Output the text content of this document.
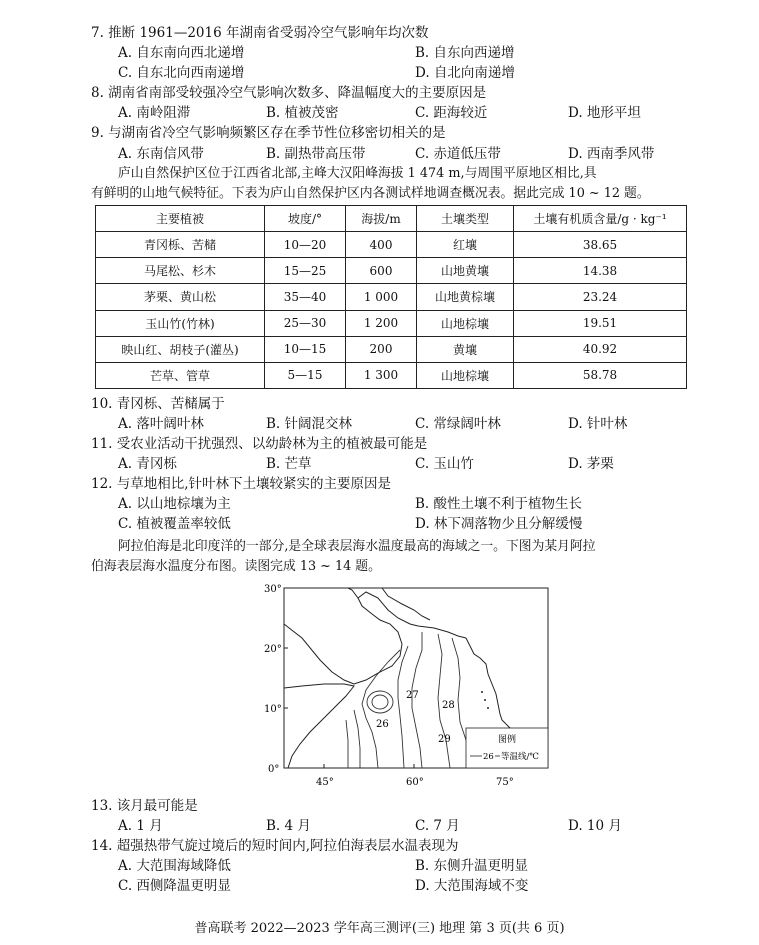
7. 推断 1961—2016 年湖南省受弱冷空气影响年均次数
A. 自东南向西北递增	B. 自东向西递增
C. 自东北向西南递增	D. 自北向南递增
8. 湖南省南部受较强冷空气影响次数多、降温幅度大的主要原因是
A. 南岭阻滞	B. 植被茂密	C. 距海较近	D. 地形平坦
9. 与湖南省冷空气影响频繁区存在季节性位移密切相关的是
A. 东南信风带	B. 副热带高压带	C. 赤道低压带	D. 西南季风带
庐山自然保护区位于江西省北部,主峰大汉阳峰海拔 1 474 m,与周围平原地区相比,具
有鲜明的山地气候特征。下表为庐山自然保护区内各测试样地调查概况表。据此完成 10 ~ 12 题。
主要植被	坡度/°	海拔/m	土壤类型	土壤有机质含量/g · kg⁻¹
青冈栎、苦槠	10—20	400	红壤	38.65
马尾松、杉木	15—25	600	山地黄壤	14.38
茅栗、黄山松	35—40	1 000	山地黄棕壤	23.24
玉山竹(竹林)	25—30	1 200	山地棕壤	19.51
映山红、胡枝子(灌丛)	10—15	200	黄壤	40.92
芒草、管草	5—15	1 300	山地棕壤	58.78
10. 青冈栎、苦槠属于
A. 落叶阔叶林	B. 针阔混交林	C. 常绿阔叶林	D. 针叶林
11. 受农业活动干扰强烈、以幼龄林为主的植被最可能是
A. 青冈栎	B. 芒草	C. 玉山竹	D. 茅栗
12. 与草地相比,针叶林下土壤较紧实的主要原因是
A. 以山地棕壤为主	B. 酸性土壤不利于植物生长
C. 植被覆盖率较低	D. 林下凋落物少且分解缓慢
阿拉伯海是北印度洋的一部分,是全球表层海水温度最高的海域之一。下图为某月阿拉
伯海表层海水温度分布图。读图完成 13 ~ 14 题。
30°
20°
10°
0°
45°	60°	75°
26
27
28
29	图例
26 等温线/℃
13. 该月最可能是
A. 1 月	B. 4 月	C. 7 月	D. 10 月
14. 超强热带气旋过境后的短时间内,阿拉伯海表层水温表现为
A. 大范围海域降低	B. 东侧升温更明显
C. 西侧降温更明显	D. 大范围海域不变
普高联考 2022—2023 学年高三测评(三) 地理 第 3 页(共 6 页)
